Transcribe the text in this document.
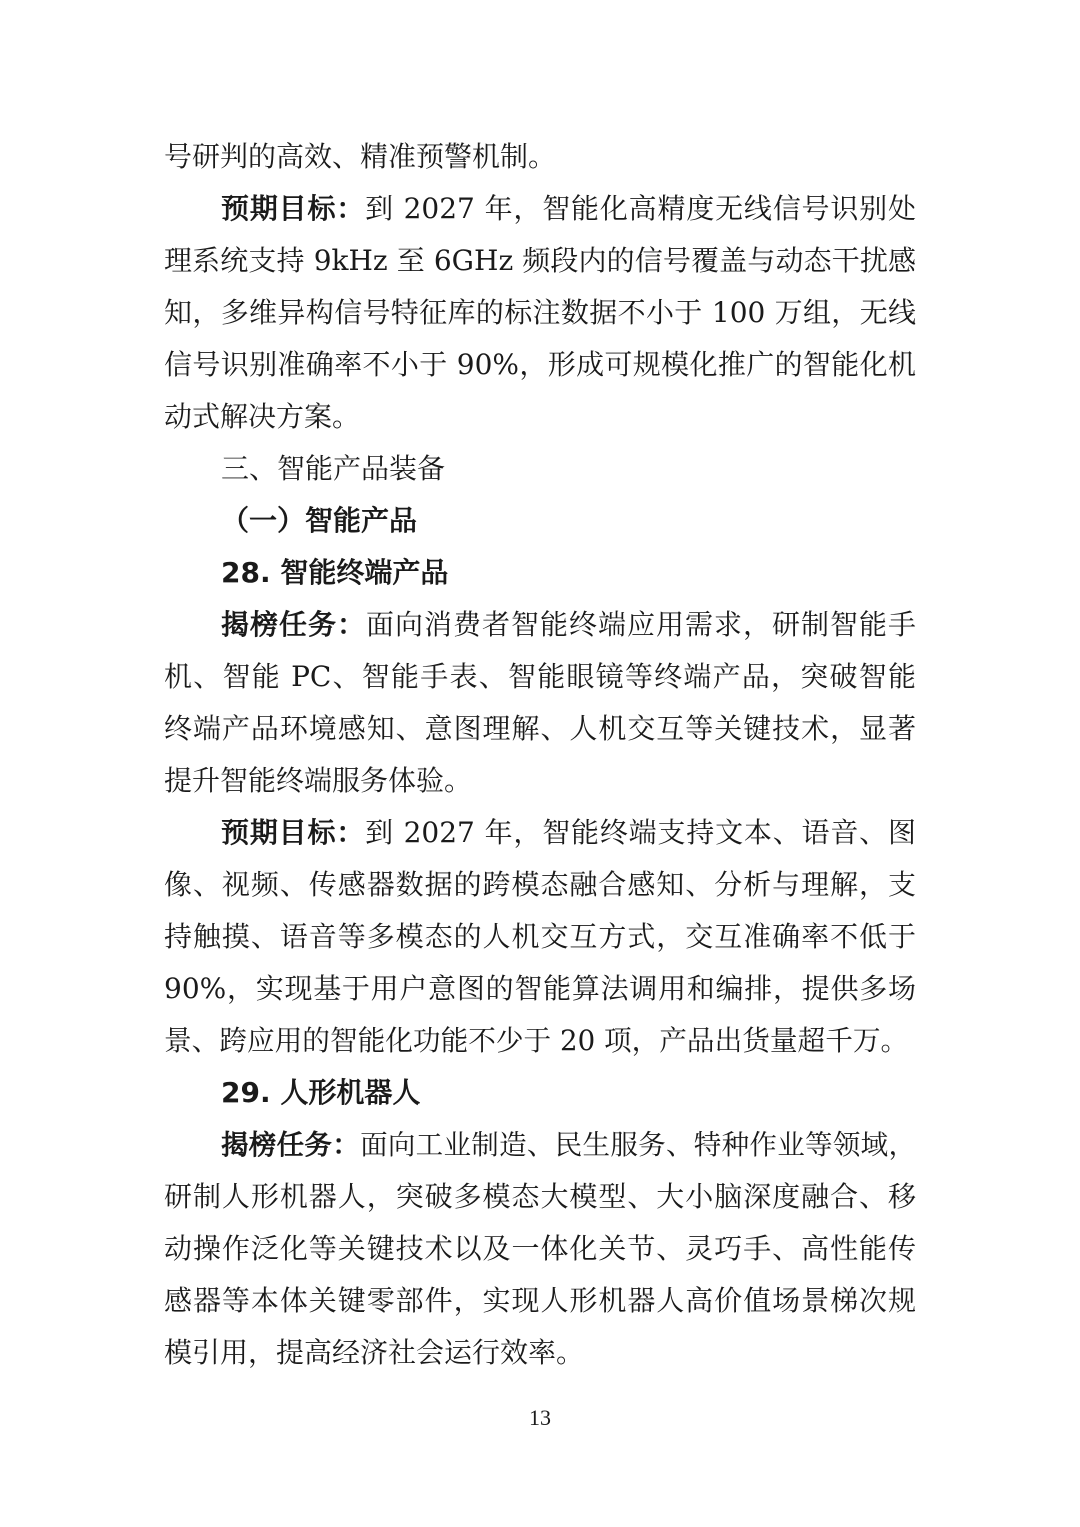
号研判的高效、精准预警机制。
预期目标：到 2027 年，智能化高精度无线信号识别处
理系统支持 9kHz 至 6GHz 频段内的信号覆盖与动态干扰感
知，多维异构信号特征库的标注数据不小于 100 万组，无线
信号识别准确率不小于 90%，形成可规模化推广的智能化机
动式解决方案。
三、智能产品装备
（一）智能产品
28. 智能终端产品
揭榜任务：面向消费者智能终端应用需求，研制智能手
机、智能 PC、智能手表、智能眼镜等终端产品，突破智能
终端产品环境感知、意图理解、人机交互等关键技术，显著
提升智能终端服务体验。
预期目标：到 2027 年，智能终端支持文本、语音、图
像、视频、传感器数据的跨模态融合感知、分析与理解，支
持触摸、语音等多模态的人机交互方式，交互准确率不低于
90%，实现基于用户意图的智能算法调用和编排，提供多场
景、跨应用的智能化功能不少于 20 项，产品出货量超千万。
29. 人形机器人
揭榜任务：面向工业制造、民生服务、特种作业等领域，
研制人形机器人，突破多模态大模型、大小脑深度融合、移
动操作泛化等关键技术以及一体化关节、灵巧手、高性能传
感器等本体关键零部件，实现人形机器人高价值场景梯次规
模引用，提高经济社会运行效率。
13
